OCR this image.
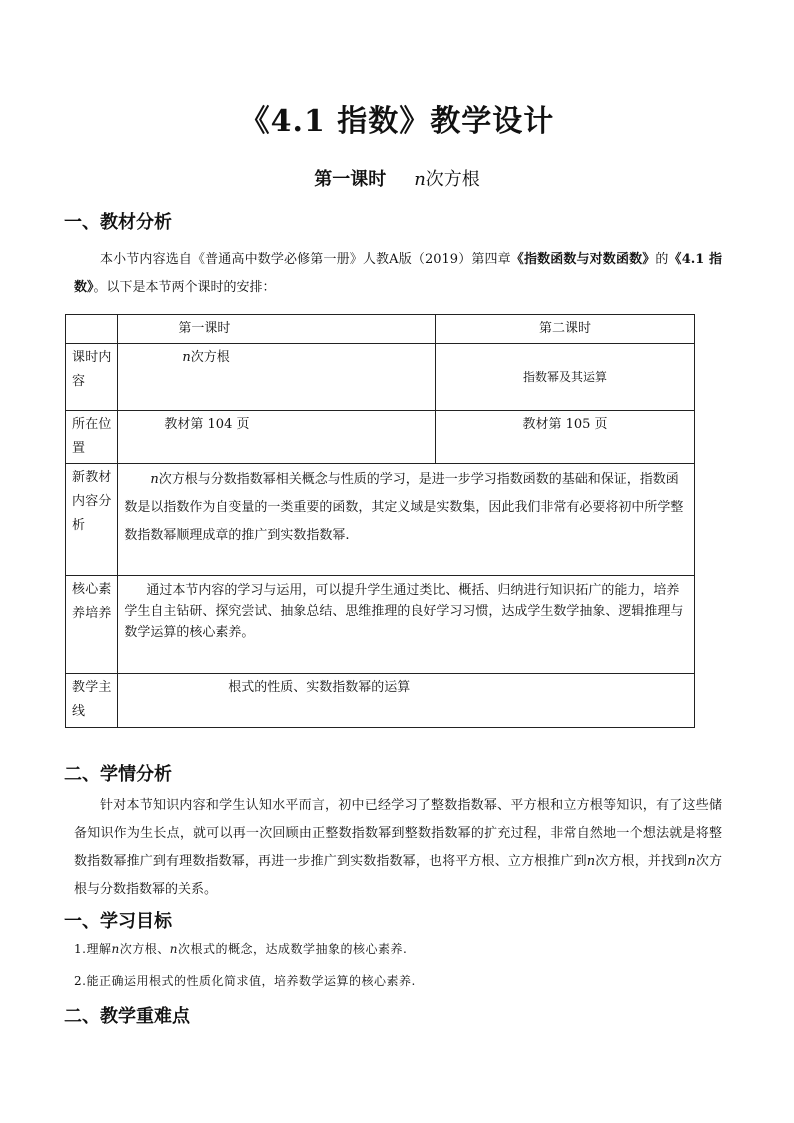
《4.1 指数》教学设计
第一课时 n次方根
一、教材分析
本小节内容选自《普通高中数学必修第一册》人教A版（2019）第四章《指数函数与对数函数》的《4.1 指数》。以下是本节两个课时的安排：
	第一课时	第二课时
课时内容	n次方根	指数幂及其运算
所在位置	教材第 104 页	教材第 105 页
新教材内容分析	n次方根与分数指数幂相关概念与性质的学习，是进一步学习指数函数的基础和保证，指数函数是以指数作为自变量的一类重要的函数，其定义域是实数集，因此我们非常有必要将初中所学整数指数幂顺理成章的推广到实数指数幂.	
核心素养培养	通过本节内容的学习与运用，可以提升学生通过类比、概括、归纳进行知识拓广的能力，培养学生自主钻研、探究尝试、抽象总结、思维推理的良好学习习惯，达成学生数学抽象、逻辑推理与数学运算的核心素养。	
教学主线	根式的性质、实数指数幂的运算	
二、学情分析
针对本节知识内容和学生认知水平而言，初中已经学习了整数指数幂、平方根和立方根等知识，有了这些储备知识作为生长点，就可以再一次回顾由正整数指数幂到整数指数幂的扩充过程，非常自然地一个想法就是将整数指数幂推广到有理数指数幂，再进一步推广到实数指数幂，也将平方根、立方根推广到n次方根，并找到n次方根与分数指数幂的关系。
一、学习目标
1.理解n次方根、n次根式的概念，达成数学抽象的核心素养.
2.能正确运用根式的性质化简求值，培养数学运算的核心素养.
二、教学重难点
